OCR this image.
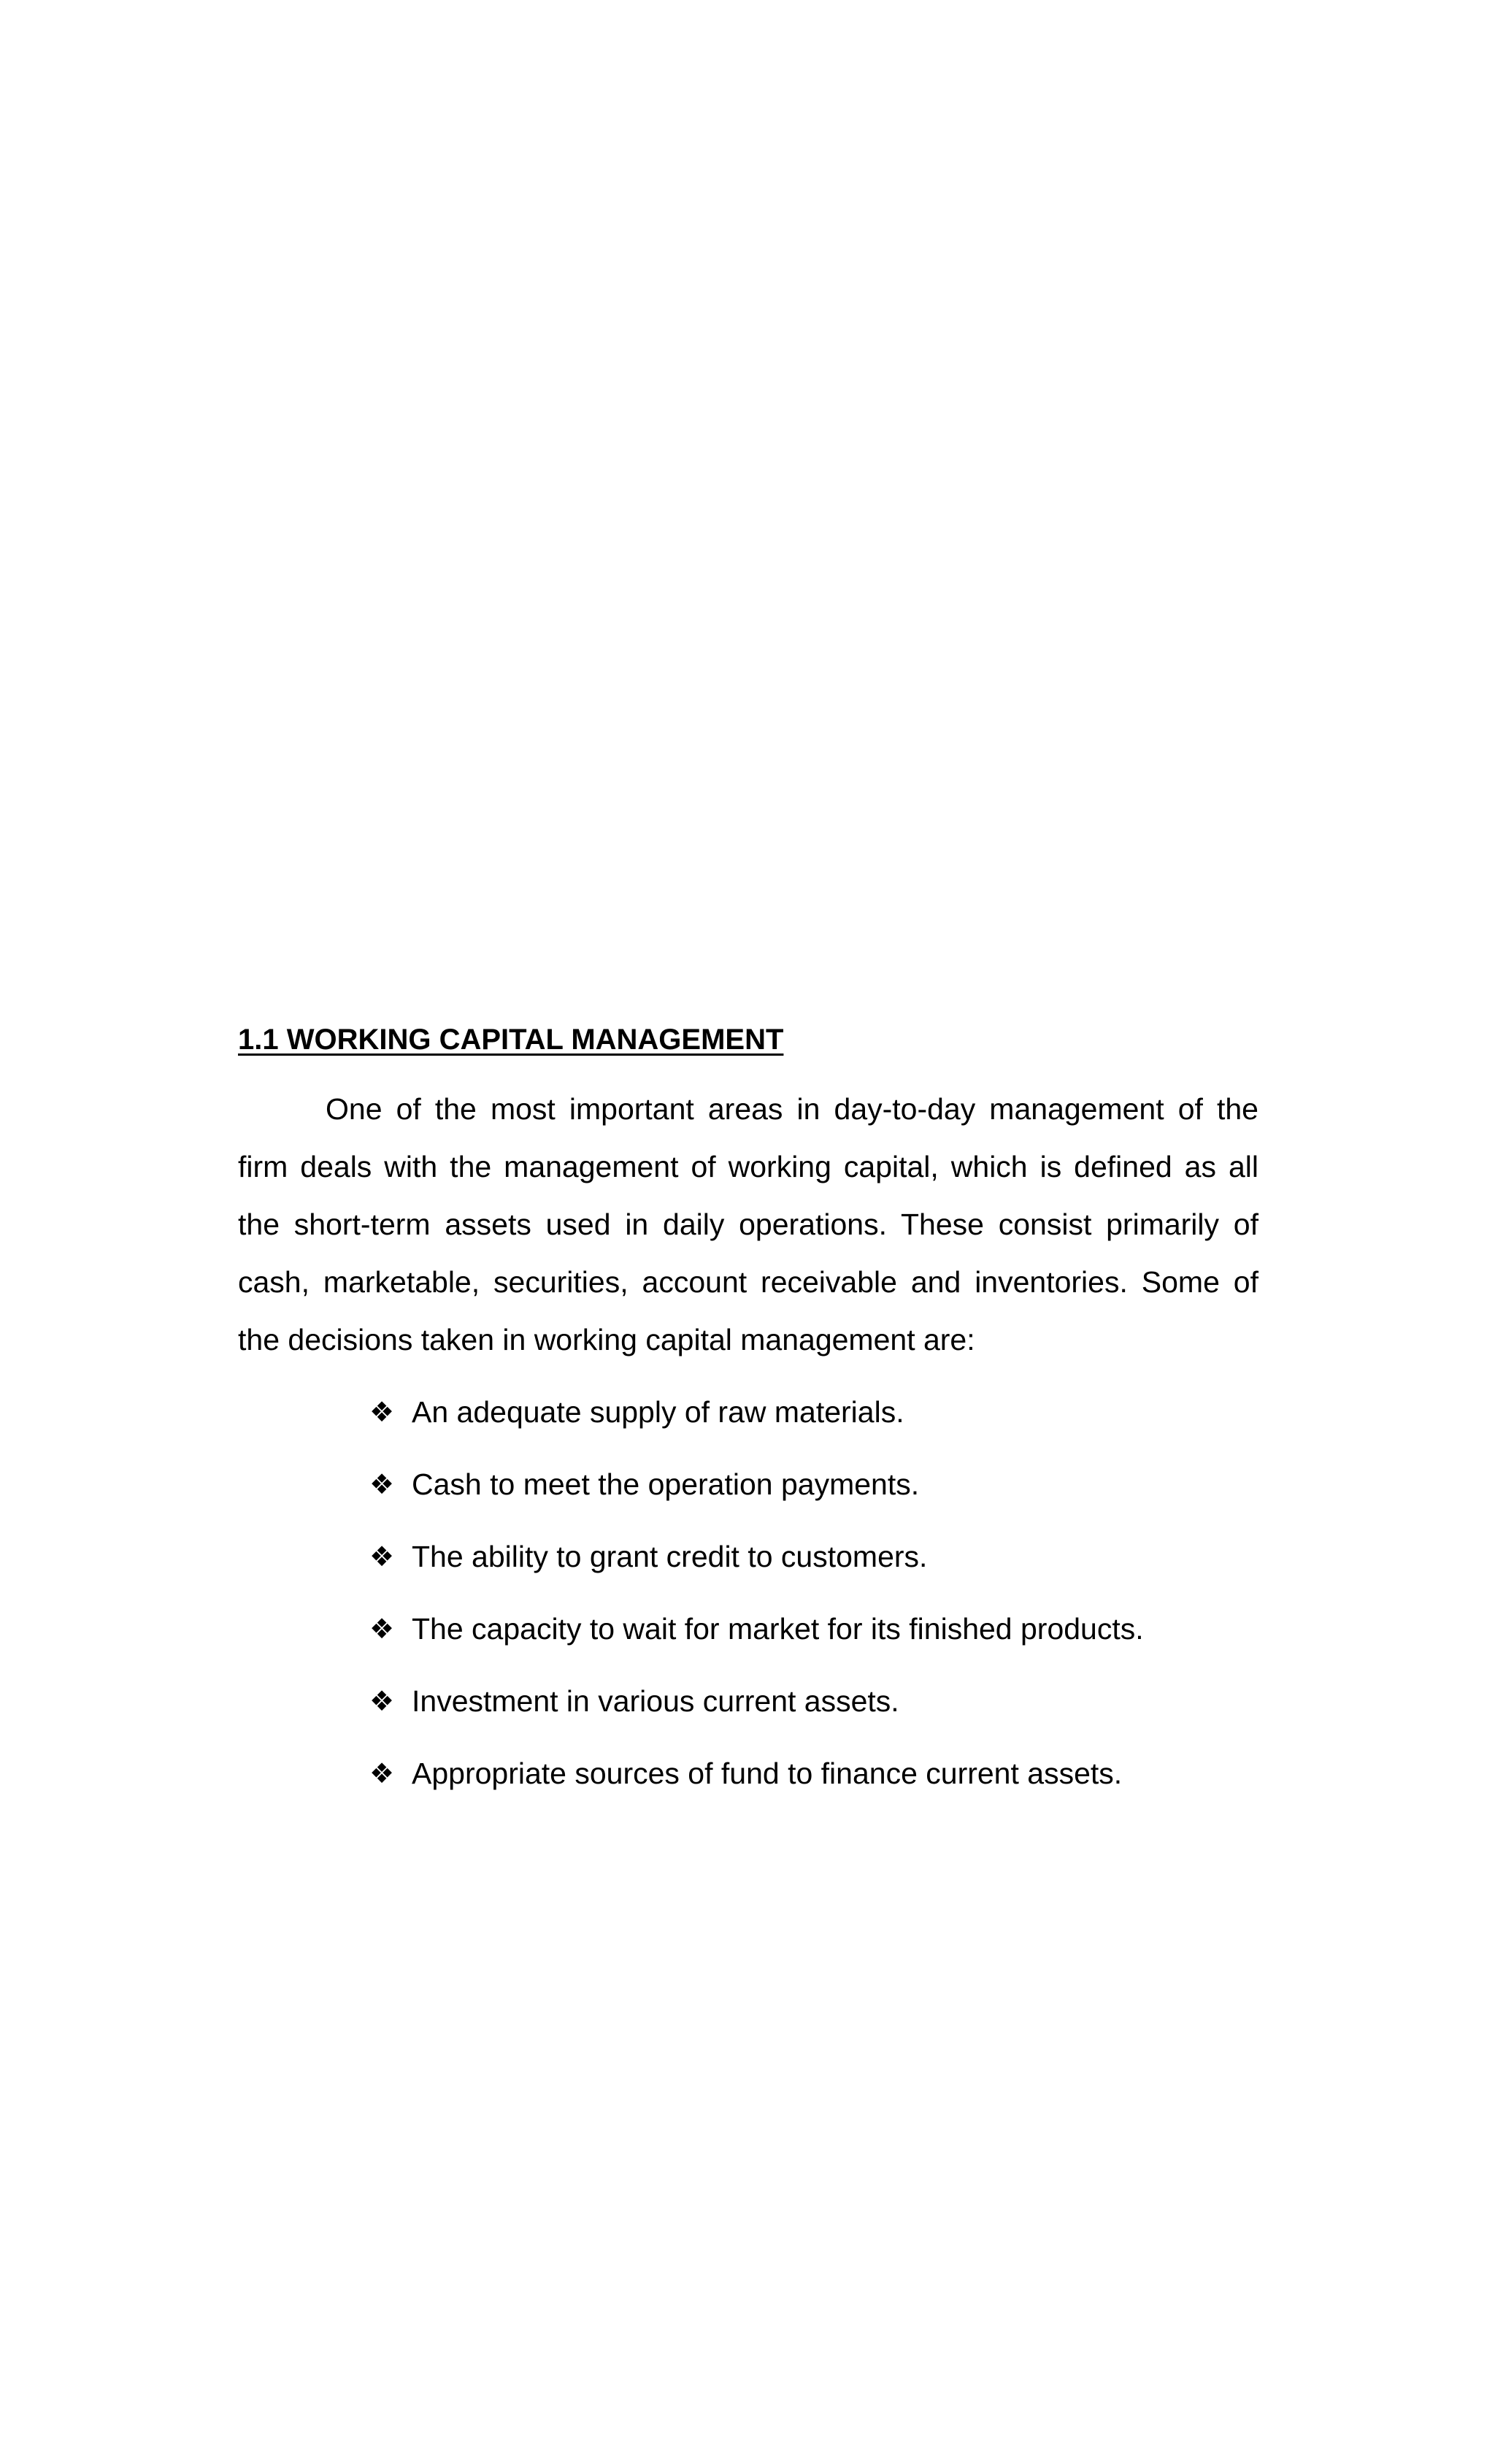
1.1 WORKING CAPITAL MANAGEMENT

One of the most important areas in day-to-day management of the firm deals with the management of working capital, which is defined as all the short-term assets used in daily operations. These consist primarily of cash, marketable, securities, account receivable and inventories. Some of the decisions taken in working capital management are:

❖ An adequate supply of raw materials.
❖ Cash to meet the operation payments.
❖ The ability to grant credit to customers.
❖ The capacity to wait for market for its finished products.
❖ Investment in various current assets.
❖ Appropriate sources of fund to finance current assets.
